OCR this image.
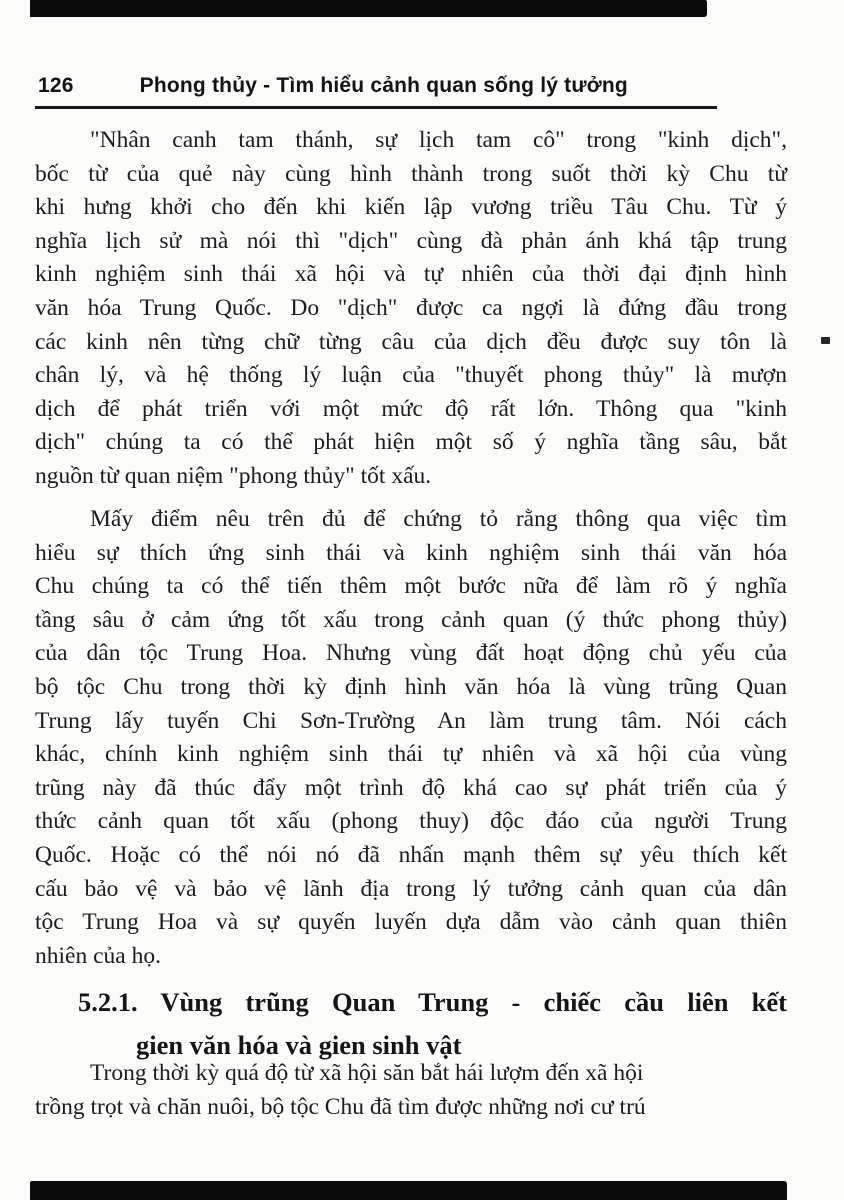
126	Phong thủy - Tìm hiểu cảnh quan sống lý tưởng
"Nhân canh tam thánh, sự lịch tam cô" trong "kinh dịch",
bốc từ của quẻ này cùng hình thành trong suốt thời kỳ Chu từ
khi hưng khởi cho đến khi kiến lập vương triều Tâu Chu. Từ ý
nghĩa lịch sử mà nói thì "dịch" cùng đà phản ánh khá tập trung
kinh nghiệm sinh thái xã hội và tự nhiên của thời đại định hình
văn hóa Trung Quốc. Do "dịch" được ca ngợi là đứng đầu trong
các kinh nên từng chữ từng câu của dịch đều được suy tôn là
chân lý, và hệ thống lý luận của "thuyết phong thủy" là mượn
dịch để phát triển với một mức độ rất lớn. Thông qua "kinh
dịch" chúng ta có thể phát hiện một số ý nghĩa tầng sâu, bắt
nguồn từ quan niệm "phong thủy" tốt xấu.
Mấy điểm nêu trên đủ để chứng tỏ rằng thông qua việc tìm
hiểu sự thích ứng sinh thái và kinh nghiệm sinh thái văn hóa
Chu chúng ta có thể tiến thêm một bước nữa để làm rõ ý nghĩa
tầng sâu ở cảm ứng tốt xấu trong cảnh quan (ý thức phong thủy)
của dân tộc Trung Hoa. Nhưng vùng đất hoạt động chủ yếu của
bộ tộc Chu trong thời kỳ định hình văn hóa là vùng trũng Quan
Trung lấy tuyến Chi Sơn-Trường An làm trung tâm. Nói cách
khác, chính kinh nghiệm sinh thái tự nhiên và xã hội của vùng
trũng này đã thúc đẩy một trình độ khá cao sự phát triển của ý
thức cảnh quan tốt xấu (phong thuy) độc đáo của người Trung
Quốc. Hoặc có thể nói nó đã nhấn mạnh thêm sự yêu thích kết
cấu bảo vệ và bảo vệ lãnh địa trong lý tưởng cảnh quan của dân
tộc Trung Hoa và sự quyến luyến dựa dẫm vào cảnh quan thiên
nhiên của họ.
5.2.1. Vùng trũng Quan Trung - chiếc cầu liên kết
gien văn hóa và gien sinh vật
Trong thời kỳ quá độ từ xã hội săn bắt hái lượm đến xã hội
trồng trọt và chăn nuôi, bộ tộc Chu đã tìm được những nơi cư trú
